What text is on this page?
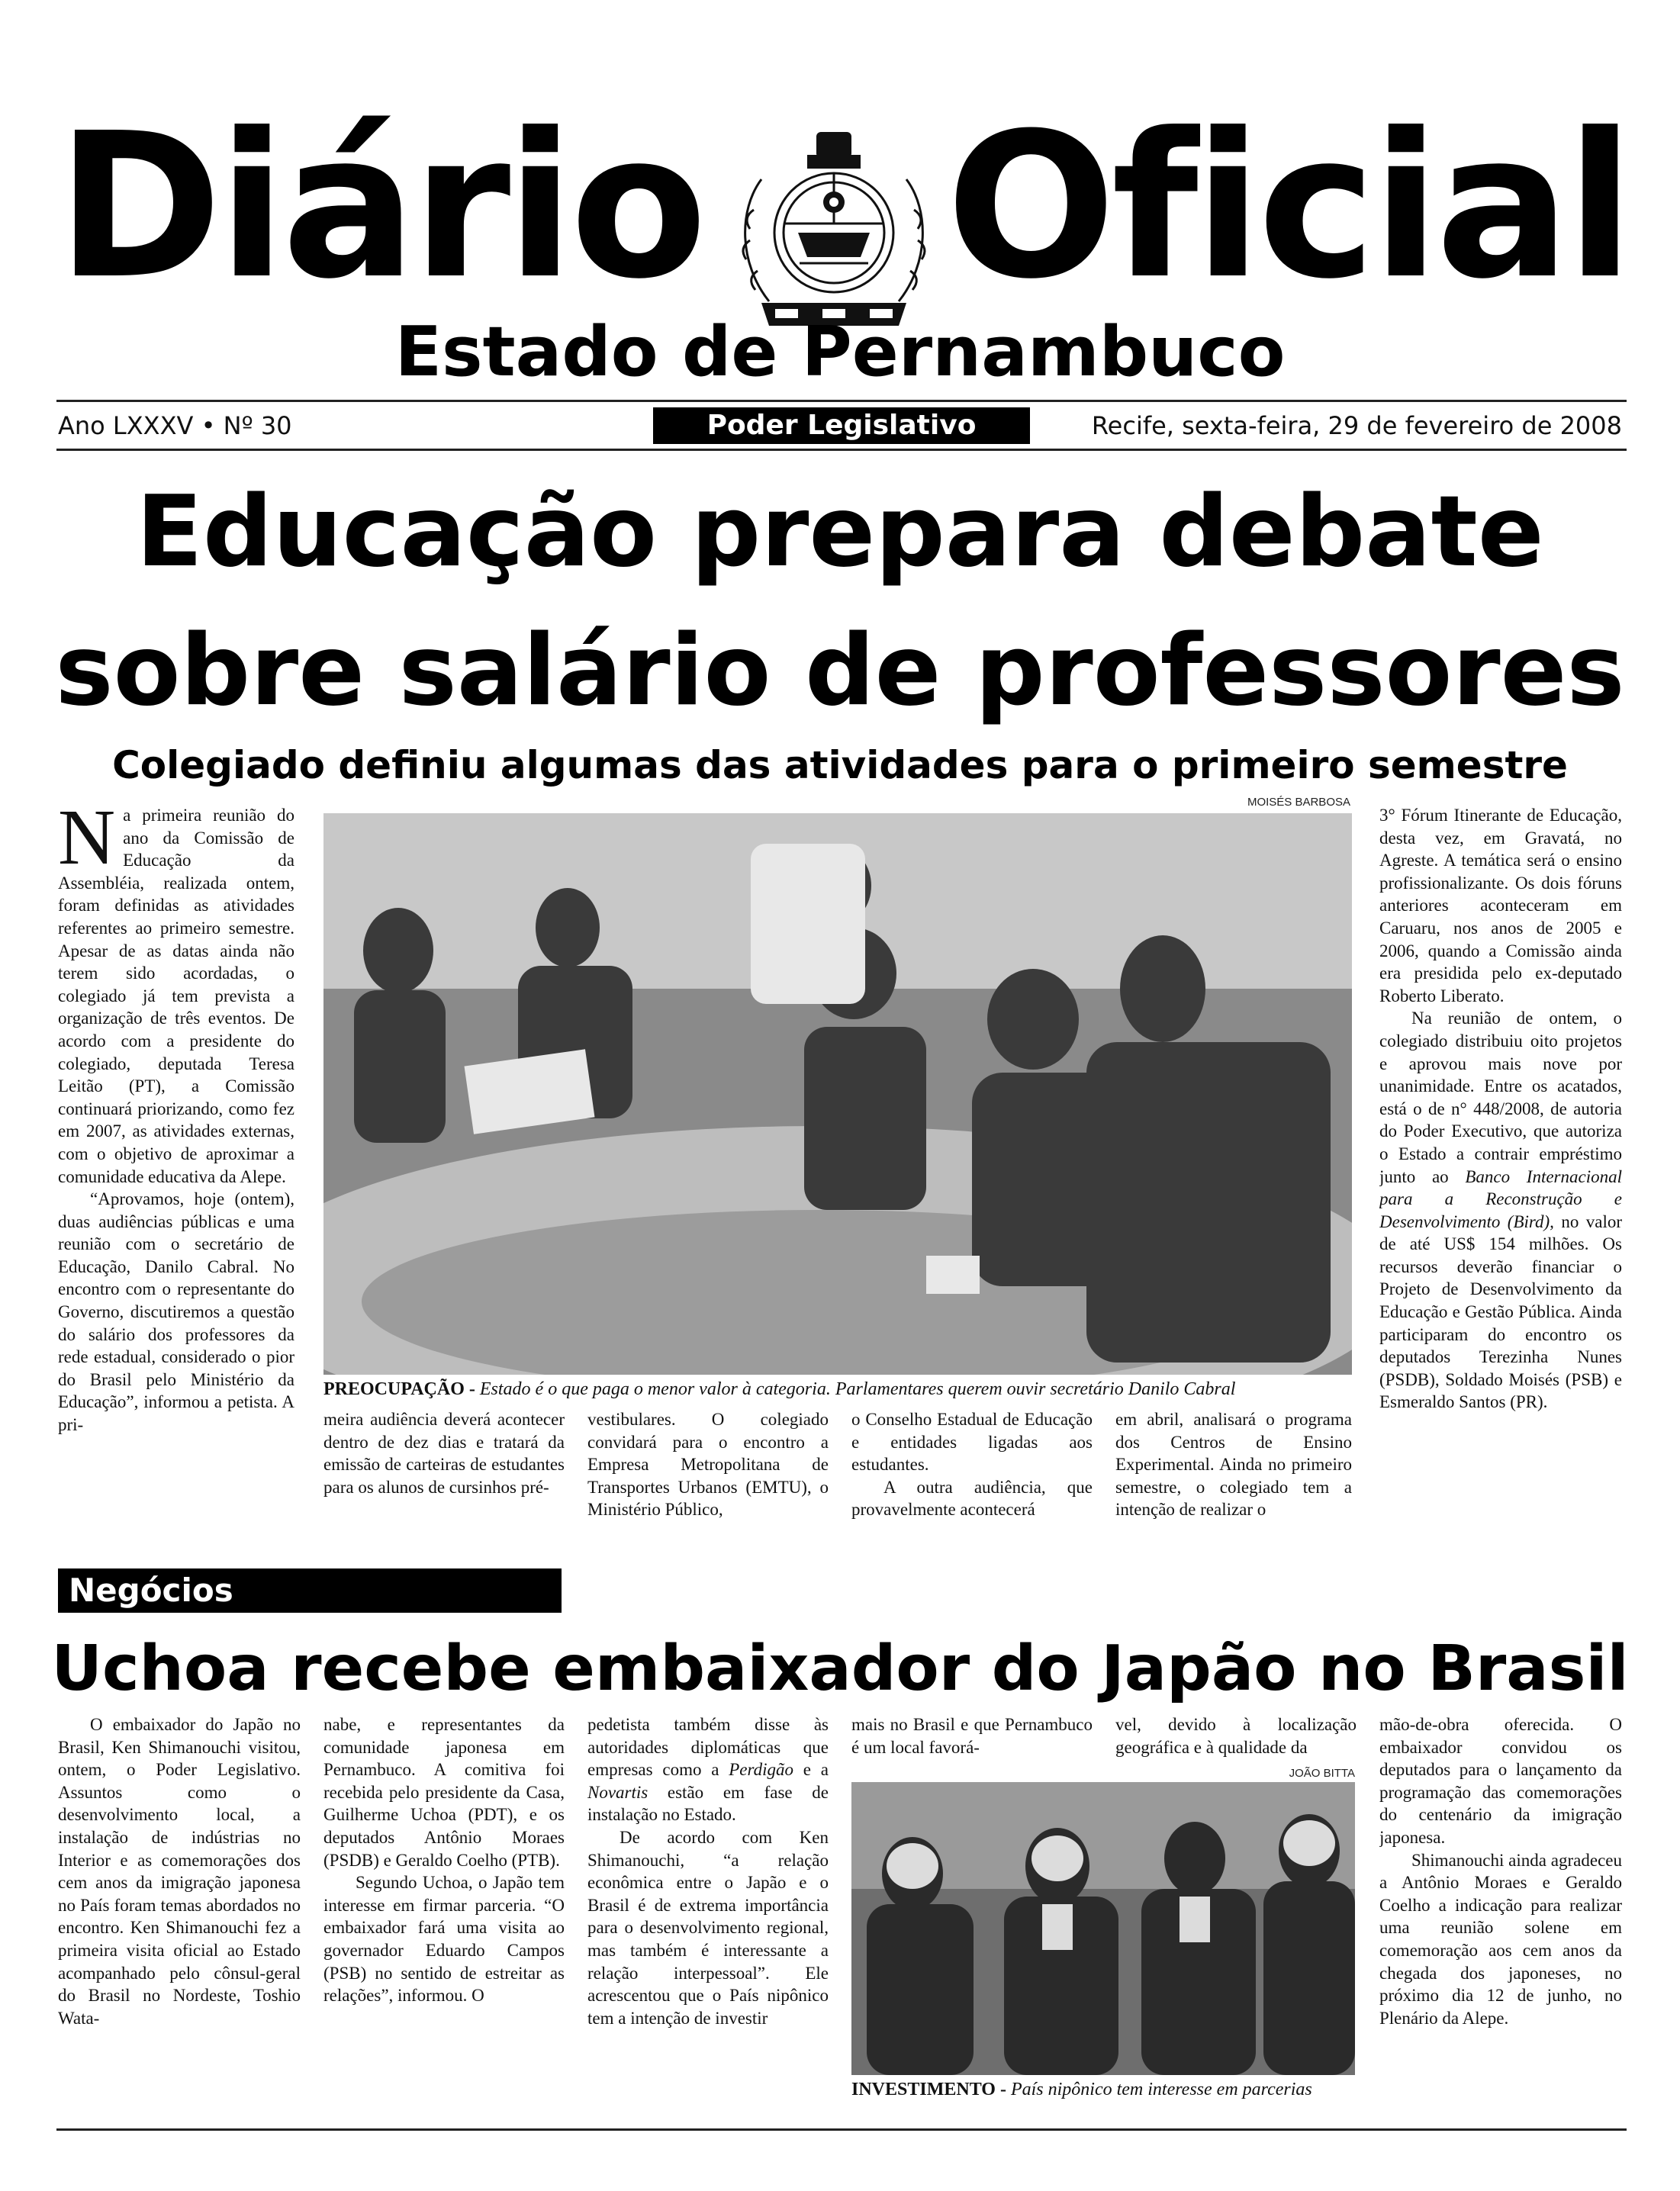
Diário Oficial
Estado de Pernambuco
Ano LXXXV • Nº 30	Poder Legislativo	Recife, sexta-feira, 29 de fevereiro de 2008
Educação prepara debate
sobre salário de professores
Colegiado definiu algumas das atividades para o primeiro semestre

Na primeira reunião do ano da Comissão de Educação da Assembléia, realizada ontem, foram definidas as atividades referentes ao primeiro semestre. Apesar de as datas ainda não terem sido acordadas, o colegiado já tem prevista a organização de três eventos. De acordo com a presidente do colegiado, deputada Teresa Leitão (PT), a Comissão continuará priorizando, como fez em 2007, as atividades externas, com o objetivo de aproximar a comunidade educativa da Alepe.

“Aprovamos, hoje (ontem), duas audiências públicas e uma reunião com o secretário de Educação, Danilo Cabral. No encontro com o representante do Governo, discutiremos a questão do salário dos professores da rede estadual, considerado o pior do Brasil pelo Ministério da Educação”, informou a petista. A pri-

MOISÉS BARBOSA
PREOCUPAÇÃO - Estado é o que paga o menor valor à categoria. Parlamentares querem ouvir secretário Danilo Cabral

meira audiência deverá acontecer dentro de dez dias e tratará da emissão de carteiras de estudantes para os alunos de cursinhos pré-

vestibulares. O colegiado convidará para o encontro a Empresa Metropolitana de Transportes Urbanos (EMTU), o Ministério Público,

o Conselho Estadual de Educação e entidades ligadas aos estudantes.

A outra audiência, que provavelmente acontecerá

em abril, analisará o programa dos Centros de Ensino Experimental. Ainda no primeiro semestre, o colegiado tem a intenção de realizar o

3° Fórum Itinerante de Educação, desta vez, em Gravatá, no Agreste. A temática será o ensino profissionalizante. Os dois fóruns anteriores aconteceram em Caruaru, nos anos de 2005 e 2006, quando a Comissão ainda era presidida pelo ex-deputado Roberto Liberato.

Na reunião de ontem, o colegiado distribuiu oito projetos e aprovou mais nove por unanimidade. Entre os acatados, está o de n° 448/2008, de autoria do Poder Executivo, que autoriza o Estado a contrair empréstimo junto ao Banco Internacional para a Reconstrução e Desenvolvimento (Bird), no valor de até US$ 154 milhões. Os recursos deverão financiar o Projeto de Desenvolvimento da Educação e Gestão Pública. Ainda participaram do encontro os deputados Terezinha Nunes (PSDB), Soldado Moisés (PSB) e Esmeraldo Santos (PR).

Negócios
Uchoa recebe embaixador do Japão no Brasil

O embaixador do Japão no Brasil, Ken Shimanouchi visitou, ontem, o Poder Legislativo. Assuntos como o desenvolvimento local, a instalação de indústrias no Interior e as comemorações dos cem anos da imigração japonesa no País foram temas abordados no encontro. Ken Shimanouchi fez a primeira visita oficial ao Estado acompanhado pelo cônsul-geral do Brasil no Nordeste, Toshio Wata-

nabe, e representantes da comunidade japonesa em Pernambuco. A comitiva foi recebida pelo presidente da Casa, Guilherme Uchoa (PDT), e os deputados Antônio Moraes (PSDB) e Geraldo Coelho (PTB).

Segundo Uchoa, o Japão tem interesse em firmar parceria. “O embaixador fará uma visita ao governador Eduardo Campos (PSB) no sentido de estreitar as relações”, informou. O

pedetista também disse às autoridades diplomáticas que empresas como a Perdigão e a Novartis estão em fase de instalação no Estado.

De acordo com Ken Shimanouchi, “a relação econômica entre o Japão e o Brasil é de extrema importância para o desenvolvimento regional, mas também é interessante a relação interpessoal”. Ele acrescentou que o País nipônico tem a intenção de investir

mais no Brasil e que Pernambuco é um local favorá-

vel, devido à localização geográfica e à qualidade da

JOÃO BITTA
INVESTIMENTO - País nipônico tem interesse em parcerias

mão-de-obra oferecida. O embaixador convidou os deputados para o lançamento da programação das comemorações do centenário da imigração japonesa.

Shimanouchi ainda agradeceu a Antônio Moraes e Geraldo Coelho a indicação para realizar uma reunião solene em comemoração aos cem anos da chegada dos japoneses, no próximo dia 12 de junho, no Plenário da Alepe.
